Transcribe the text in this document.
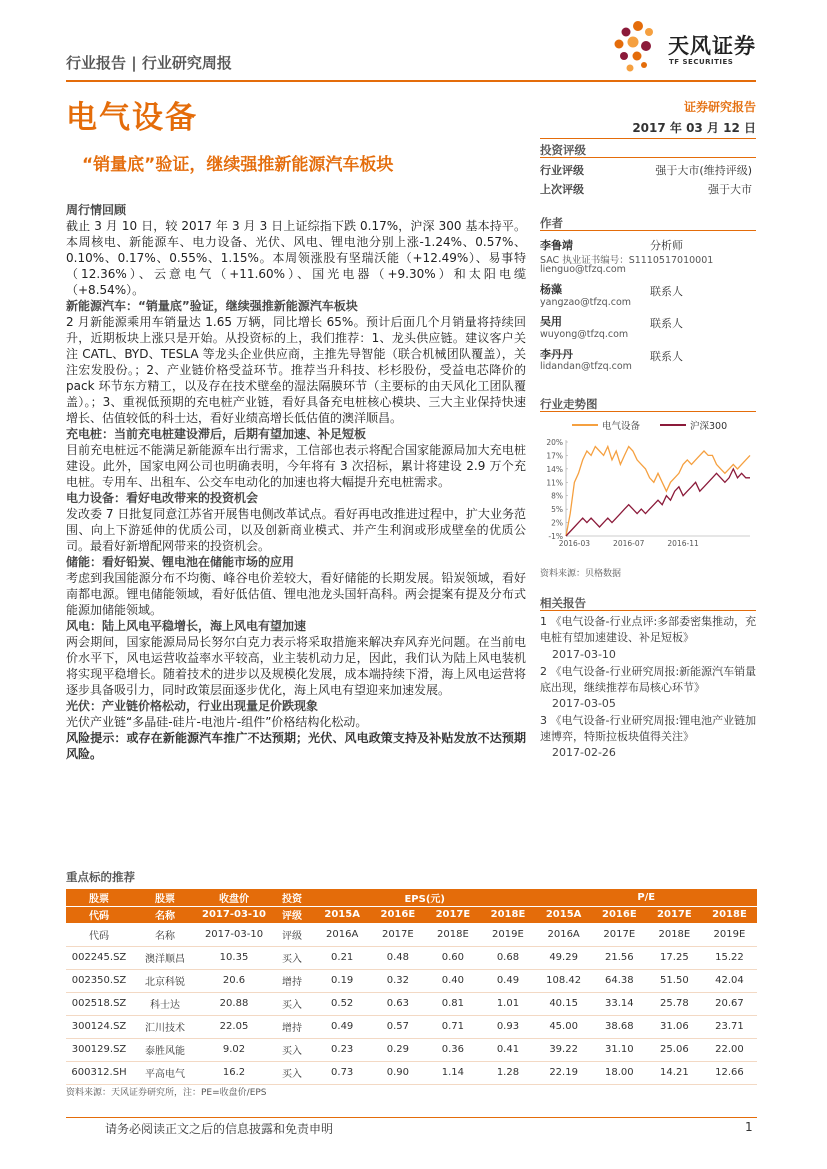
行业报告 | 行业研究周报
天风证券
TF SECURITIES
电气设备	证券研究报告
2017 年 03 月 12 日
“销量底”验证，继续强推新能源汽车板块
投资评级
行业评级	强于大市(维持评级)
上次评级	强于大市
作者
李鲁靖	分析师
SAC 执业证书编号：S1110517010001
lienguo@tfzq.com
杨藻	联系人
yangzao@tfzq.com
吴用	联系人
wuyong@tfzq.com
李丹丹	联系人
lidandan@tfzq.com
行业走势图
电气设备	沪深300
20%
17%
14%
11%
8%
5%
2%
-1%
2016-03	2016-07	2016-11
资料来源：贝格数据
相关报告
1 《电气设备-行业点评:多部委密集推动，充电桩有望加速建设、补足短板》
2017-03-10
2 《电气设备-行业研究周报:新能源汽车销量底出现，继续推荐布局核心环节》
2017-03-05
3 《电气设备-行业研究周报:锂电池产业链加速博弈，特斯拉板块值得关注》
2017-02-26

周行情回顾

截止 3 月 10 日，较 2017 年 3 月 3 日上证综指下跌 0.17%，沪深 300 基本持平。本周核电、新能源车、电力设备、光伏、风电、锂电池分别上涨-1.24%、0.57%、0.10%、0.17%、0.55%、1.15%。本周领涨股有坚瑞沃能（+12.49%）、易事特（12.36%）、云意电气（+11.60%）、国光电器（+9.30%）和太阳电缆（+8.54%）。

新能源汽车：“销量底”验证，继续强推新能源汽车板块

2 月新能源乘用车销量达 1.65 万辆，同比增长 65%。预计后面几个月销量将持续回升，近期板块上涨只是开始。从投资标的上，我们推荐：1、龙头供应链。建议客户关注 CATL、BYD、TESLA 等龙头企业供应商，主推先导智能（联合机械团队覆盖），关注宏发股份。；2、产业链价格受益环节。推荐当升科技、杉杉股份，受益电芯降价的 pack 环节东方精工，以及存在技术壁垒的湿法隔膜环节（主要标的由天风化工团队覆盖）。；3、重视低预期的充电桩产业链，看好具备充电桩核心模块、三大主业保持快速增长、估值较低的科士达，看好业绩高增长低估值的澳洋顺昌。

充电桩：当前充电桩建设滞后，后期有望加速、补足短板

目前充电桩远不能满足新能源车出行需求，工信部也表示将配合国家能源局加大充电桩建设。此外，国家电网公司也明确表明，今年将有 3 次招标，累计将建设 2.9 万个充电桩。专用车、出租车、公交车电动化的加速也将大幅提升充电桩需求。

电力设备：看好电改带来的投资机会

发改委 7 日批复同意江苏省开展售电侧改革试点。看好再电改推进过程中，扩大业务范围、向上下游延伸的优质公司，以及创新商业模式、并产生利润或形成壁垒的优质公司。最看好新增配网带来的投资机会。

储能：看好铅炭、锂电池在储能市场的应用

考虑到我国能源分布不均衡、峰谷电价差较大，看好储能的长期发展。铅炭领域，看好南都电源。锂电储能领域，看好低估值、锂电池龙头国轩高科。两会提案有提及分布式能源加储能领域。

风电：陆上风电平稳增长，海上风电有望加速

两会期间，国家能源局局长努尔白克力表示将采取措施来解决弃风弃光问题。在当前电价水平下，风电运营收益率水平较高，业主装机动力足，因此，我们认为陆上风电装机将实现平稳增长。随着技术的进步以及规模化发展，成本端持续下滑，海上风电运营将逐步具备吸引力，同时政策层面逐步优化，海上风电有望迎来加速发展。

光伏：产业链价格松动，行业出现量足价跌现象

光伏产业链“多晶硅-硅片-电池片-组件”价格结构化松动。

风险提示：或存在新能源汽车推广不达预期；光伏、风电政策支持及补贴发放不达预期风险。

重点标的推荐
股票	股票	收盘价	投资	EPS(元)				P/E			
代码	名称	2017-03-10	评级	2015A	2016E	2017E	2018E	2015A	2016E	2017E	2018E
代码	名称	2017-03-10	评级	2016A	2017E	2018E	2019E	2016A	2017E	2018E	2019E
002245.SZ	澳洋顺昌	10.35	买入	0.21	0.48	0.60	0.68	49.29	21.56	17.25	15.22
002350.SZ	北京科锐	20.6	增持	0.19	0.32	0.40	0.49	108.42	64.38	51.50	42.04
002518.SZ	科士达	20.88	买入	0.52	0.63	0.81	1.01	40.15	33.14	25.78	20.67
300124.SZ	汇川技术	22.05	增持	0.49	0.57	0.71	0.93	45.00	38.68	31.06	23.71
300129.SZ	泰胜风能	9.02	买入	0.23	0.29	0.36	0.41	39.22	31.10	25.06	22.00
600312.SH	平高电气	16.2	买入	0.73	0.90	1.14	1.28	22.19	18.00	14.21	12.66
资料来源：天风证券研究所，注：PE=收盘价/EPS
请务必阅读正文之后的信息披露和免责申明	1
